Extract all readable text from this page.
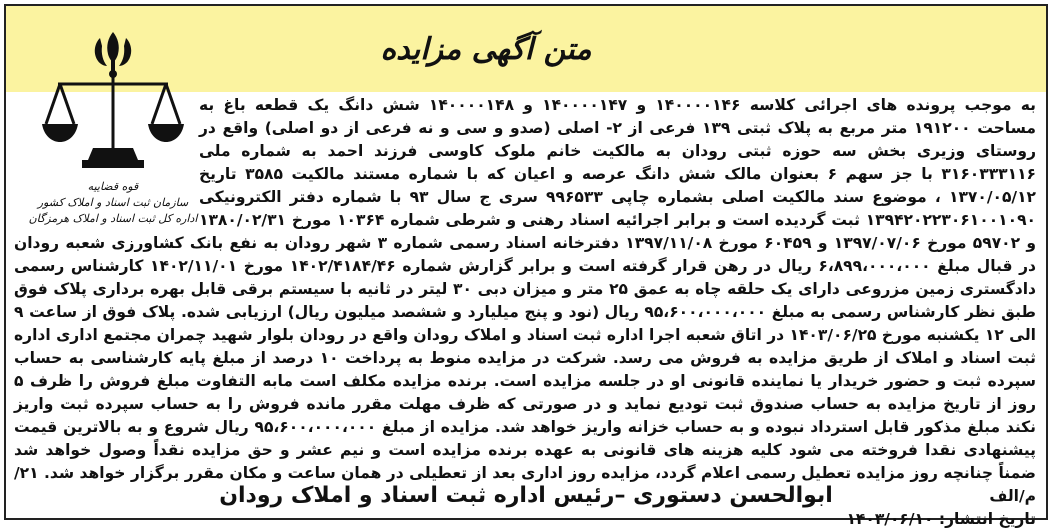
متن آگهی مزایده
قوه قضاییه
سازمان ثبت اسناد و املاک کشور
اداره کل ثبت اسناد و املاک هرمزگان
به موجب پرونده های اجرائی کلاسه ۱۴۰۰۰۰۱۴۶ و ۱۴۰۰۰۰۱۴۷ و ۱۴۰۰۰۰۱۴۸ شش دانگ یک قطعه باغ به مساحت ۱۹۱۲۰۰ متر مربع به پلاک ثبتی ۱۳۹ فرعی از ۲- اصلی (صدو و سی و نه فرعی از دو اصلی) واقع در روستای وزیری بخش سه حوزه ثبتی رودان به مالکیت خانم ملوک کاوسی فرزند احمد به شماره ملی ۳۱۶۰۳۳۳۱۱۶ با جز سهم ۶ بعنوان مالک شش دانگ عرصه و اعیان که با شماره مستند مالکیت ۳۵۸۵ تاریخ ۱۳۷۰/۰۵/۱۲ ، موضوع سند مالکیت اصلی بشماره چاپی ۹۹۶۵۳۳ سری ج سال ۹۳ با شماره دفتر الکترونیکی ۱۳۹۴۲۰۲۲۳۰۶۱۰۰۱۰۹۰ ثبت گردیده است و برابر اجرائیه اسناد رهنی و شرطی شماره ۱۰۳۶۴ مورخ ۱۳۸۰/۰۲/۳۱ و ۵۹۷۰۲ مورخ ۱۳۹۷/۰۷/۰۶ و ۶۰۴۵۹ مورخ ۱۳۹۷/۱۱/۰۸ دفترخانه اسناد رسمی شماره ۳ شهر رودان به نفع بانک کشاورزی شعبه رودان در قبال مبلغ ۶،۸۹۹،۰۰۰،۰۰۰ ریال در رهن قرار گرفته است و برابر گزارش شماره ۱۴۰۲/۴۱۸۴/۴۶ مورخ ۱۴۰۲/۱۱/۰۱ کارشناس رسمی دادگستری زمین مزروعی دارای یک حلقه چاه به عمق ۲۵ متر و میزان دبی ۳۰ لیتر در ثانیه با سیستم برقی قابل بهره برداری پلاک فوق طبق نظر کارشناس رسمی به مبلغ ۹۵،۶۰۰،۰۰۰،۰۰۰ ریال (نود و پنج میلیارد و ششصد میلیون ریال) ارزیابی شده. پلاک فوق از ساعت ۹ الی ۱۲ یکشنبه مورخ ۱۴۰۳/۰۶/۲۵ در اتاق شعبه اجرا اداره ثبت اسناد و املاک رودان واقع در رودان بلوار شهید چمران مجتمع اداری اداره ثبت اسناد و املاک از طریق مزایده به فروش می رسد. شرکت در مزایده منوط به پرداخت ۱۰ درصد از مبلغ پایه کارشناسی به حساب سپرده ثبت و حضور خریدار یا نماینده قانونی او در جلسه مزایده است. برنده مزایده مکلف است مابه التفاوت مبلغ فروش را ظرف ۵ روز از تاریخ مزایده به حساب صندوق ثبت تودیع نماید و در صورتی که ظرف مهلت مقرر مانده فروش را به حساب سپرده ثبت واریز نکند مبلغ مذکور قابل استرداد نبوده و به حساب خزانه واریز خواهد شد. مزایده از مبلغ ۹۵،۶۰۰،۰۰۰،۰۰۰ ریال شروع و به بالاترین قیمت پیشنهادی نقدا فروخته می شود کلیه هزینه های قانونی به عهده برنده مزایده است و نیم عشر و حق مزایده نقداً وصول خواهد شد ضمناً چنانچه روز مزایده تعطیل رسمی اعلام گردد، مزایده روز اداری بعد از تعطیلی در همان ساعت و مکان مقرر برگزار خواهد شد. ۲۱/م/الف
تاریخ انتشار: ۱۴۰۳/۰۶/۱۰
ابوالحسن دستوری –رئیس اداره ثبت اسناد و املاک رودان
